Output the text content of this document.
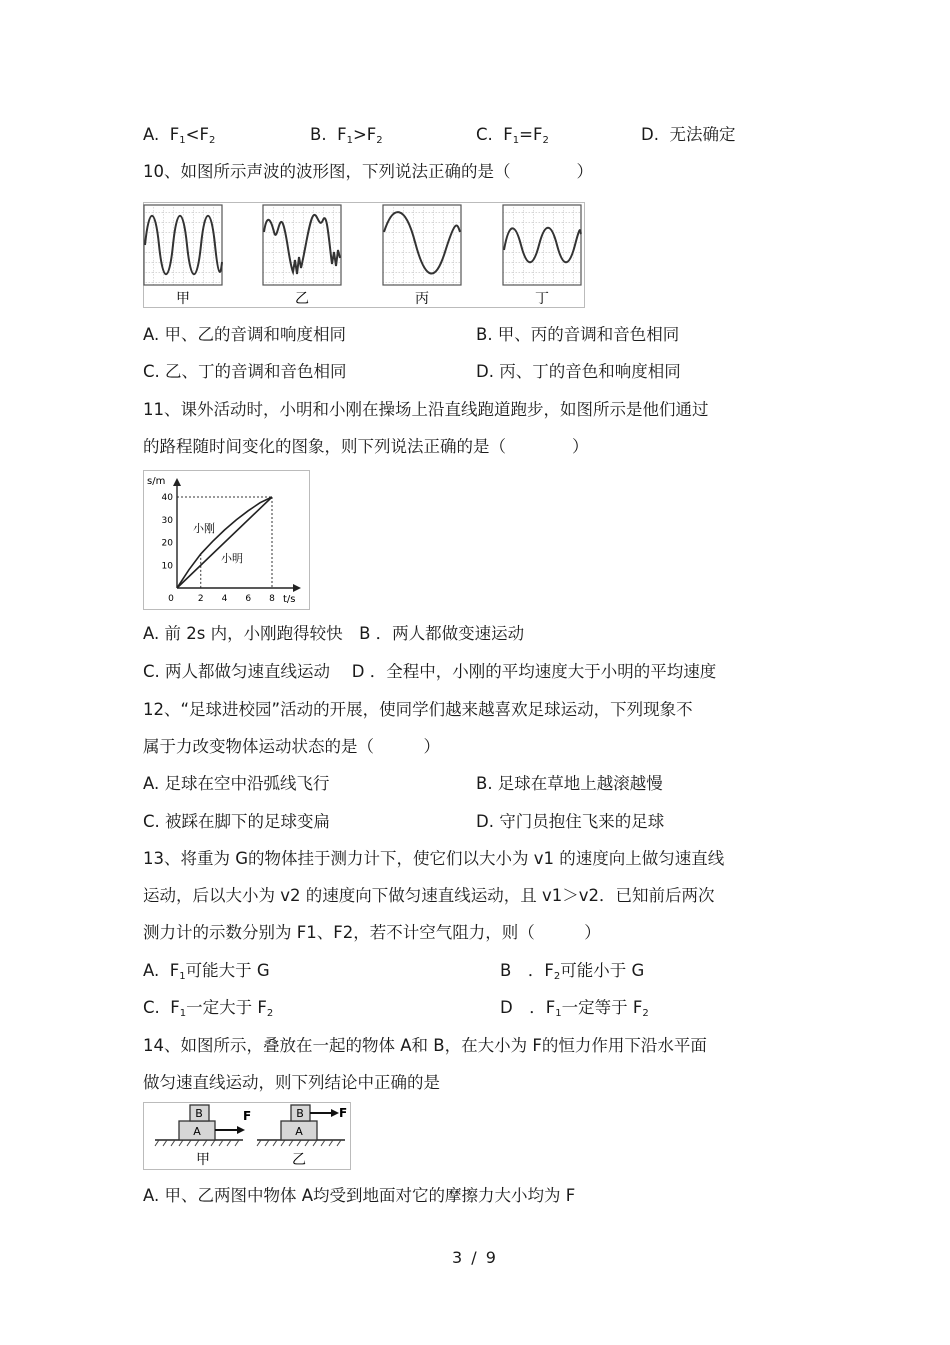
A. $F_1<F_2$	B. $F_1>F_2$	C. $F_1=F_2$	D. 无法确定
10、如图所示声波的波形图，下列说法正确的是（　　　　）
甲	乙	丙	丁
A. 甲、乙的音调和响度相同	B. 甲、丙的音调和音色相同
C. 乙、丁的音调和音色相同	D. 丙、丁的音色和响度相同
11、课外活动时，小明和小刚在操场上沿直线跑道跑步，如图所示是他们通过
的路程随时间变化的图象，则下列说法正确的是（　　　　）
0	2 4 6 8
10
20
30
40
s/m
t/s
小刚
小明
A. 前 2s 内，小刚跑得较快　B ．两人都做变速运动
C. 两人都做匀速直线运动　 D ．全程中，小刚的平均速度大于小明的平均速度
12、“足球进校园”活动的开展，使同学们越来越喜欢足球运动，下列现象不
属于力改变物体运动状态的是（　　　）
A. 足球在空中沿弧线飞行	B. 足球在草地上越滚越慢
C. 被踩在脚下的足球变扁	D. 守门员抱住飞来的足球
13、将重为 G的物体挂于测力计下，使它们以大小为 v1 的速度向上做匀速直线
运动，后以大小为 v2 的速度向下做匀速直线运动，且 v1＞v2．已知前后两次
测力计的示数分别为 F1、F2，若不计空气阻力，则（　　　）
A. $F_1$可能大于 G	B　．$F_2$可能小于 G
C. $F_1$一定大于 $F_2$	D　．$F_1$一定等于 $F_2$
14、如图所示，叠放在一起的物体 A和 B，在大小为 F的恒力作用下沿水平面
做匀速直线运动，则下列结论中正确的是
A
B	F
甲
A
B	F
乙
A. 甲、乙两图中物体 A均受到地面对它的摩擦力大小均为 F
3 / 9
